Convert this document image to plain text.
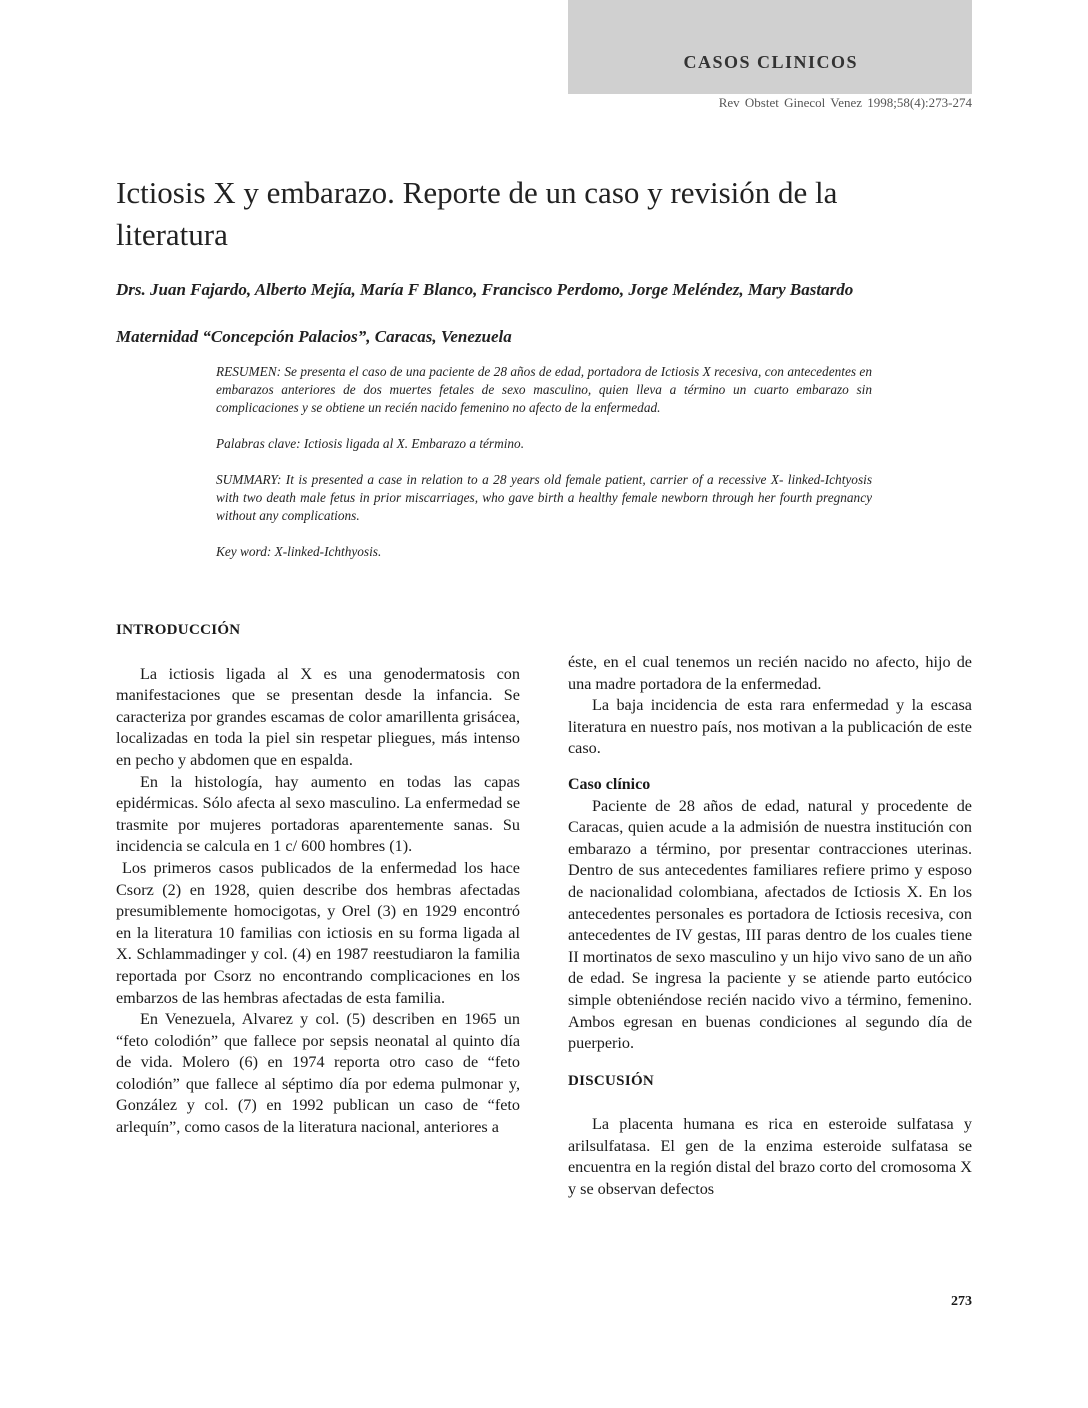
CASOS CLINICOS
Rev Obstet Ginecol Venez 1998;58(4):273-274
Ictiosis X y embarazo. Reporte de un caso y revisión de la literatura
Drs. Juan Fajardo, Alberto Mejía, María F Blanco, Francisco Perdomo, Jorge Meléndez, Mary Bastardo
Maternidad “Concepción Palacios”, Caracas, Venezuela

RESUMEN: Se presenta el caso de una paciente de 28 años de edad, portadora de Ictiosis X recesiva, con antecedentes en embarazos anteriores de dos muertes fetales de sexo masculino, quien lleva a término un cuarto embarazo sin complicaciones y se obtiene un recién nacido femenino no afecto de la enfermedad.

Palabras clave: Ictiosis ligada al X. Embarazo a término.

SUMMARY: It is presented a case in relation to a 28 years old female patient, carrier of a recessive X- linked-Ichtyosis with two death male fetus in prior miscarriages, who gave birth a healthy female newborn through her fourth pregnancy without any complications.

Key word: X-linked-Ichthyosis.

INTRODUCCIÓN

La ictiosis ligada al X es una genodermatosis con manifestaciones que se presentan desde la infancia. Se caracteriza por grandes escamas de color amarillenta grisácea, localizadas en toda la piel sin respetar pliegues, más intenso en pecho y abdomen que en espalda.

En la histología, hay aumento en todas las capas epidérmicas. Sólo afecta al sexo masculino. La enfermedad se trasmite por mujeres portadoras aparentemente sanas. Su incidencia se calcula en 1 c/ 600 hombres (1).

Los primeros casos publicados de la enfermedad los hace Csorz (2) en 1928, quien describe dos hembras afectadas presumiblemente homocigotas, y Orel (3) en 1929 encontró en la literatura 10 familias con ictiosis en su forma ligada al X. Schlammadinger y col. (4) en 1987 reestudiaron la familia reportada por Csorz no encontrando complicaciones en los embarzos de las hembras afectadas de esta familia.

En Venezuela, Alvarez y col. (5) describen en 1965 un “feto colodión” que fallece por sepsis neonatal al quinto día de vida. Molero (6) en 1974 reporta otro caso de “feto colodión” que fallece al séptimo día por edema pulmonar y, González y col. (7) en 1992 publican un caso de “feto arlequín”, como casos de la literatura nacional, anteriores a

éste, en el cual tenemos un recién nacido no afecto, hijo de una madre portadora de la enfermedad.

La baja incidencia de esta rara enfermedad y la escasa literatura en nuestro país, nos motivan a la publicación de este caso.

Caso clínico

Paciente de 28 años de edad, natural y procedente de Caracas, quien acude a la admisión de nuestra institución con embarazo a término, por presentar contracciones uterinas. Dentro de sus antecedentes familiares refiere primo y esposo de nacionalidad colombiana, afectados de Ictiosis X. En los antecedentes personales es portadora de Ictiosis recesiva, con antecedentes de IV gestas, III paras dentro de los cuales tiene II mortinatos de sexo masculino y un hijo vivo sano de un año de edad. Se ingresa la paciente y se atiende parto eutócico simple obteniéndose recién nacido vivo a término, femenino. Ambos egresan en buenas condiciones al segundo día de puerperio.

DISCUSIÓN

La placenta humana es rica en esteroide sulfatasa y arilsulfatasa. El gen de la enzima esteroide sulfatasa se encuentra en la región distal del brazo corto del cromosoma X y se observan defectos

273
